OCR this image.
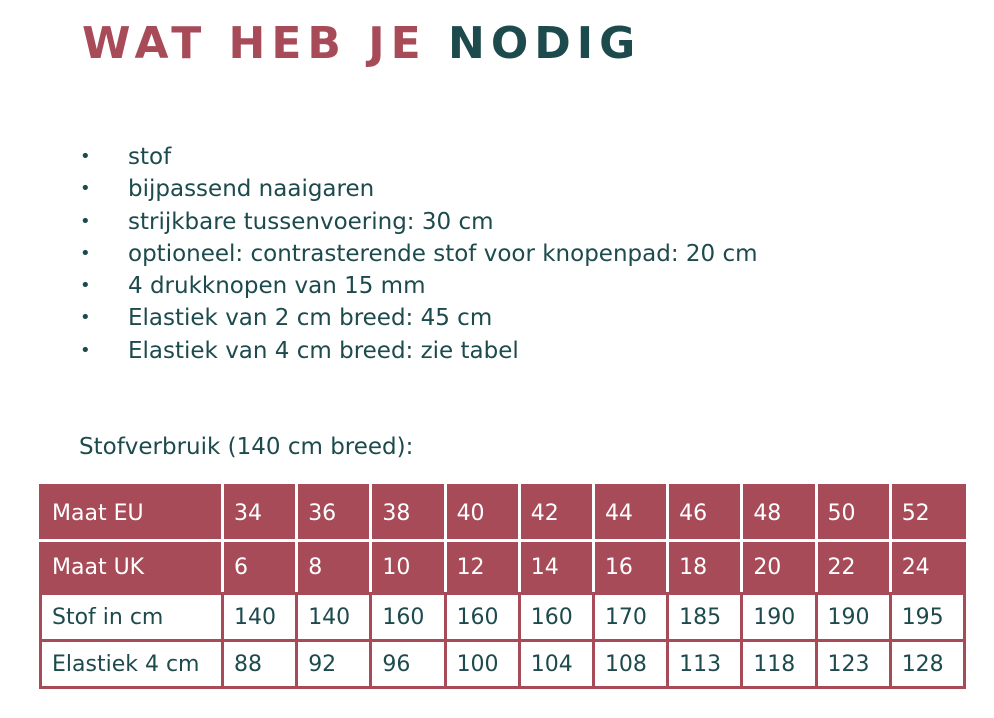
WAT HEB JE NODIG
• stof
• bijpassend naaigaren
• strijkbare tussenvoering: 30 cm
• optioneel: contrasterende stof voor knopenpad: 20 cm
• 4 drukknopen van 15 mm
• Elastiek van 2 cm breed: 45 cm
• Elastiek van 4 cm breed: zie tabel
Stofverbruik (140 cm breed):
Maat EU	34	36	38	40	42	44	46	48	50	52
Maat UK	6	8	10	12	14	16	18	20	22	24
Stof in cm	140	140	160	160	160	170	185	190	190	195
Elastiek 4 cm	88	92	96	100	104	108	113	118	123	128
